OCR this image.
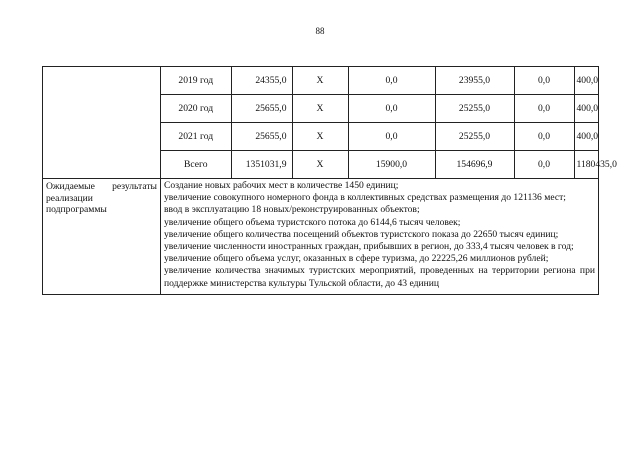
88

2019 год	24355,0	Х	0,0	23955,0	0,0	400,0
2020 год	25655,0	Х	0,0	25255,0	0,0	400,0
2021 год	25655,0	Х	0,0	25255,0	0,0	400,0
Всего	1351031,9	Х	15900,0	154696,9	0,0	1180435,0

Ожидаемые результаты
реализации
подпрограммы

Создание новых рабочих мест в количестве 1450 единиц;
увеличение совокупного номерного фонда в коллективных средствах размещения до 121136 мест;
ввод в эксплуатацию 18 новых/реконструированных объектов;
увеличение общего объема туристского потока до 6144,6 тысяч человек;
увеличение общего количества посещений объектов туристского показа до 22650 тысяч единиц;
увеличение численности иностранных граждан, прибывших в регион, до 333,4 тысяч человек в год;
увеличение общего объема услуг, оказанных в сфере туризма, до 22225,26 миллионов рублей;
увеличение количества значимых туристских мероприятий, проведенных на территории региона при поддержке министерства культуры Тульской области, до 43 единиц
